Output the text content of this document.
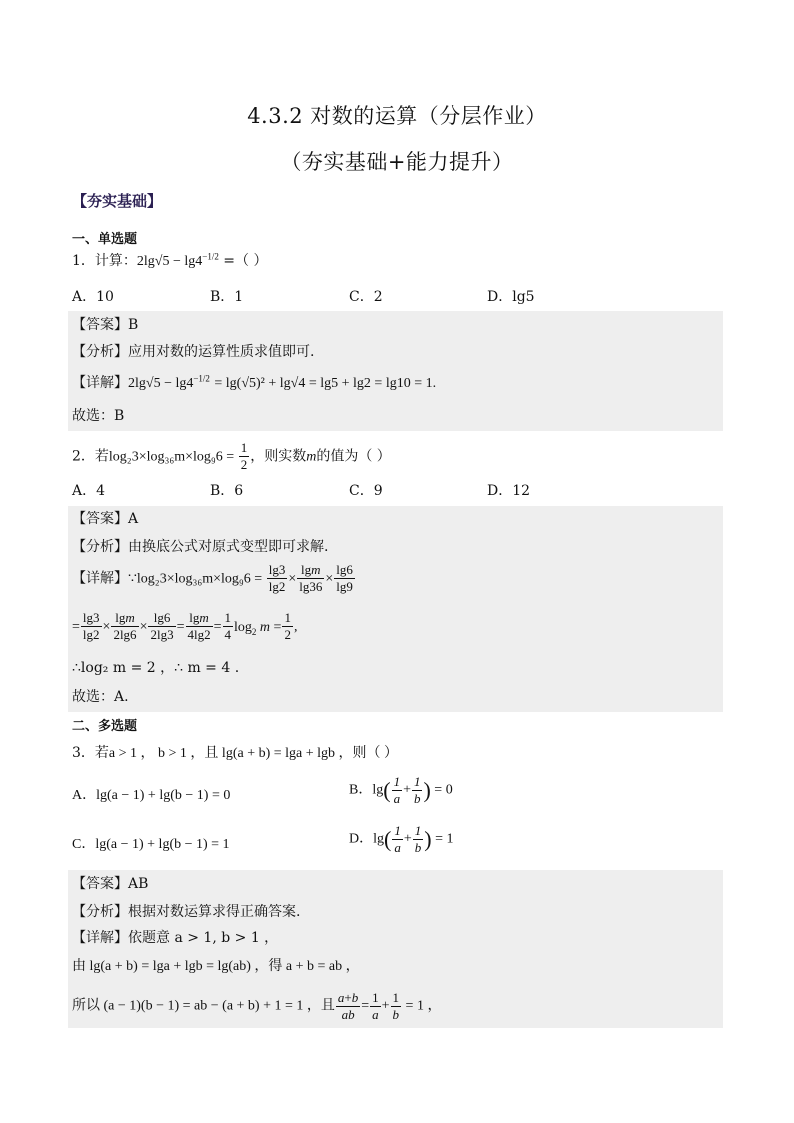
4.3.2 对数的运算（分层作业）
（夯实基础+能力提升）
【夯实基础】
一、单选题
1．计算：$2\lg√5 - \lg 4^{-1/2}$ =（ ）
A．10	B．1	C．2	D．lg5
【答案】B
【分析】应用对数的运算性质求值即可.
【详解】$2\lg√5 - \lg 4^{-1/2} = \lg(√5)^2 + \lg√4 = \lg 5 + \lg 2 = \lg 10 = 1$.
故选：B
2．若$\log_23\times\log_{36}m\times\log_96 = \frac{1}{2}$ ，则实数m的值为（ ）
A．4	B．6	C．9	D．12
【答案】A
【分析】由换底公式对原式变型即可求解.
【详解】∵log₂3×log₃₆m×log₉6 = $\frac{\lg 3}{\lg 2} \times \frac{\lg m}{\lg 36} \times \frac{\lg 6}{\lg 9}$
= $\frac{\lg 3}{\lg 2} \times \frac{\lg m}{2\lg 6} \times \frac{\lg 6}{2\lg 3} = \frac{\lg m}{4\lg 2} = \frac{1}{4} \log_2 m = \frac{1}{2}$ ,
∴log₂ m = 2 ，∴ m = 4 .
故选：A.
二、多选题
3．若a > 1 ， b > 1 ，且 lg(a + b) = lga + lgb ，则（ ）
A．lg(a − 1) + lg(b − 1) = 0	B．$\lg( \frac{1}{a} + \frac{1}{b}$ ) = 0
C．lg(a − 1) + lg(b − 1) = 1	D．$\lg( \frac{1}{a} + \frac{1}{b}$ ) = 1
【答案】AB
【分析】根据对数运算求得正确答案.
【详解】依题意 a > 1, b > 1 ，
由 lg(a + b) = lga + lgb = lg(ab) ，得 a + b = ab ，
所以 (a − 1)(b − 1) = ab − (a + b) + 1 = 1 ，且 $\frac{a+b}{ab} = \frac{1}{a} + \frac{1}{b} = 1$ ，
